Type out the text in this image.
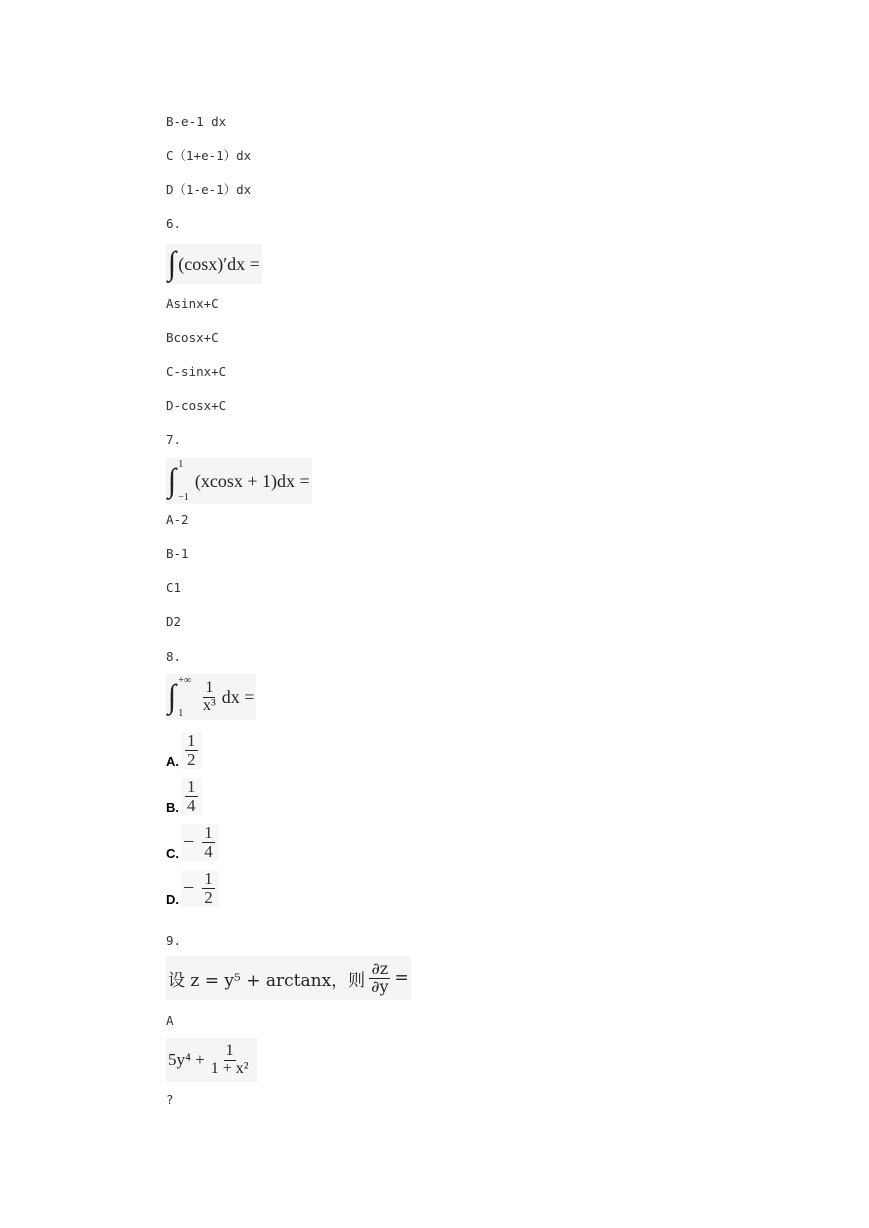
B-e-1 dx
C（1+e-1）dx
D（1-e-1）dx
6.
∫ (cosx)′dx =
Asinx+C
Bcosx+C
C-sinx+C
D-cosx+C
7.
∫ 1
−1
(xcosx + 1)dx =
A-2
B-1
C1
D2
8.
∫ +∞
1	$\frac{1}{\text{x³}}$ dx =
A. $\frac{1}{2}$
B. $\frac{1}{4}$
C.
− $\frac{1}{4}$
D.
− $\frac{1}{2}$
9.
设 z = y⁵ + arctanx，则 $\frac{\partial z}{\partial y}$ =
A
$5y^4 + \frac{1}{\text{1 + x²}}$
?
